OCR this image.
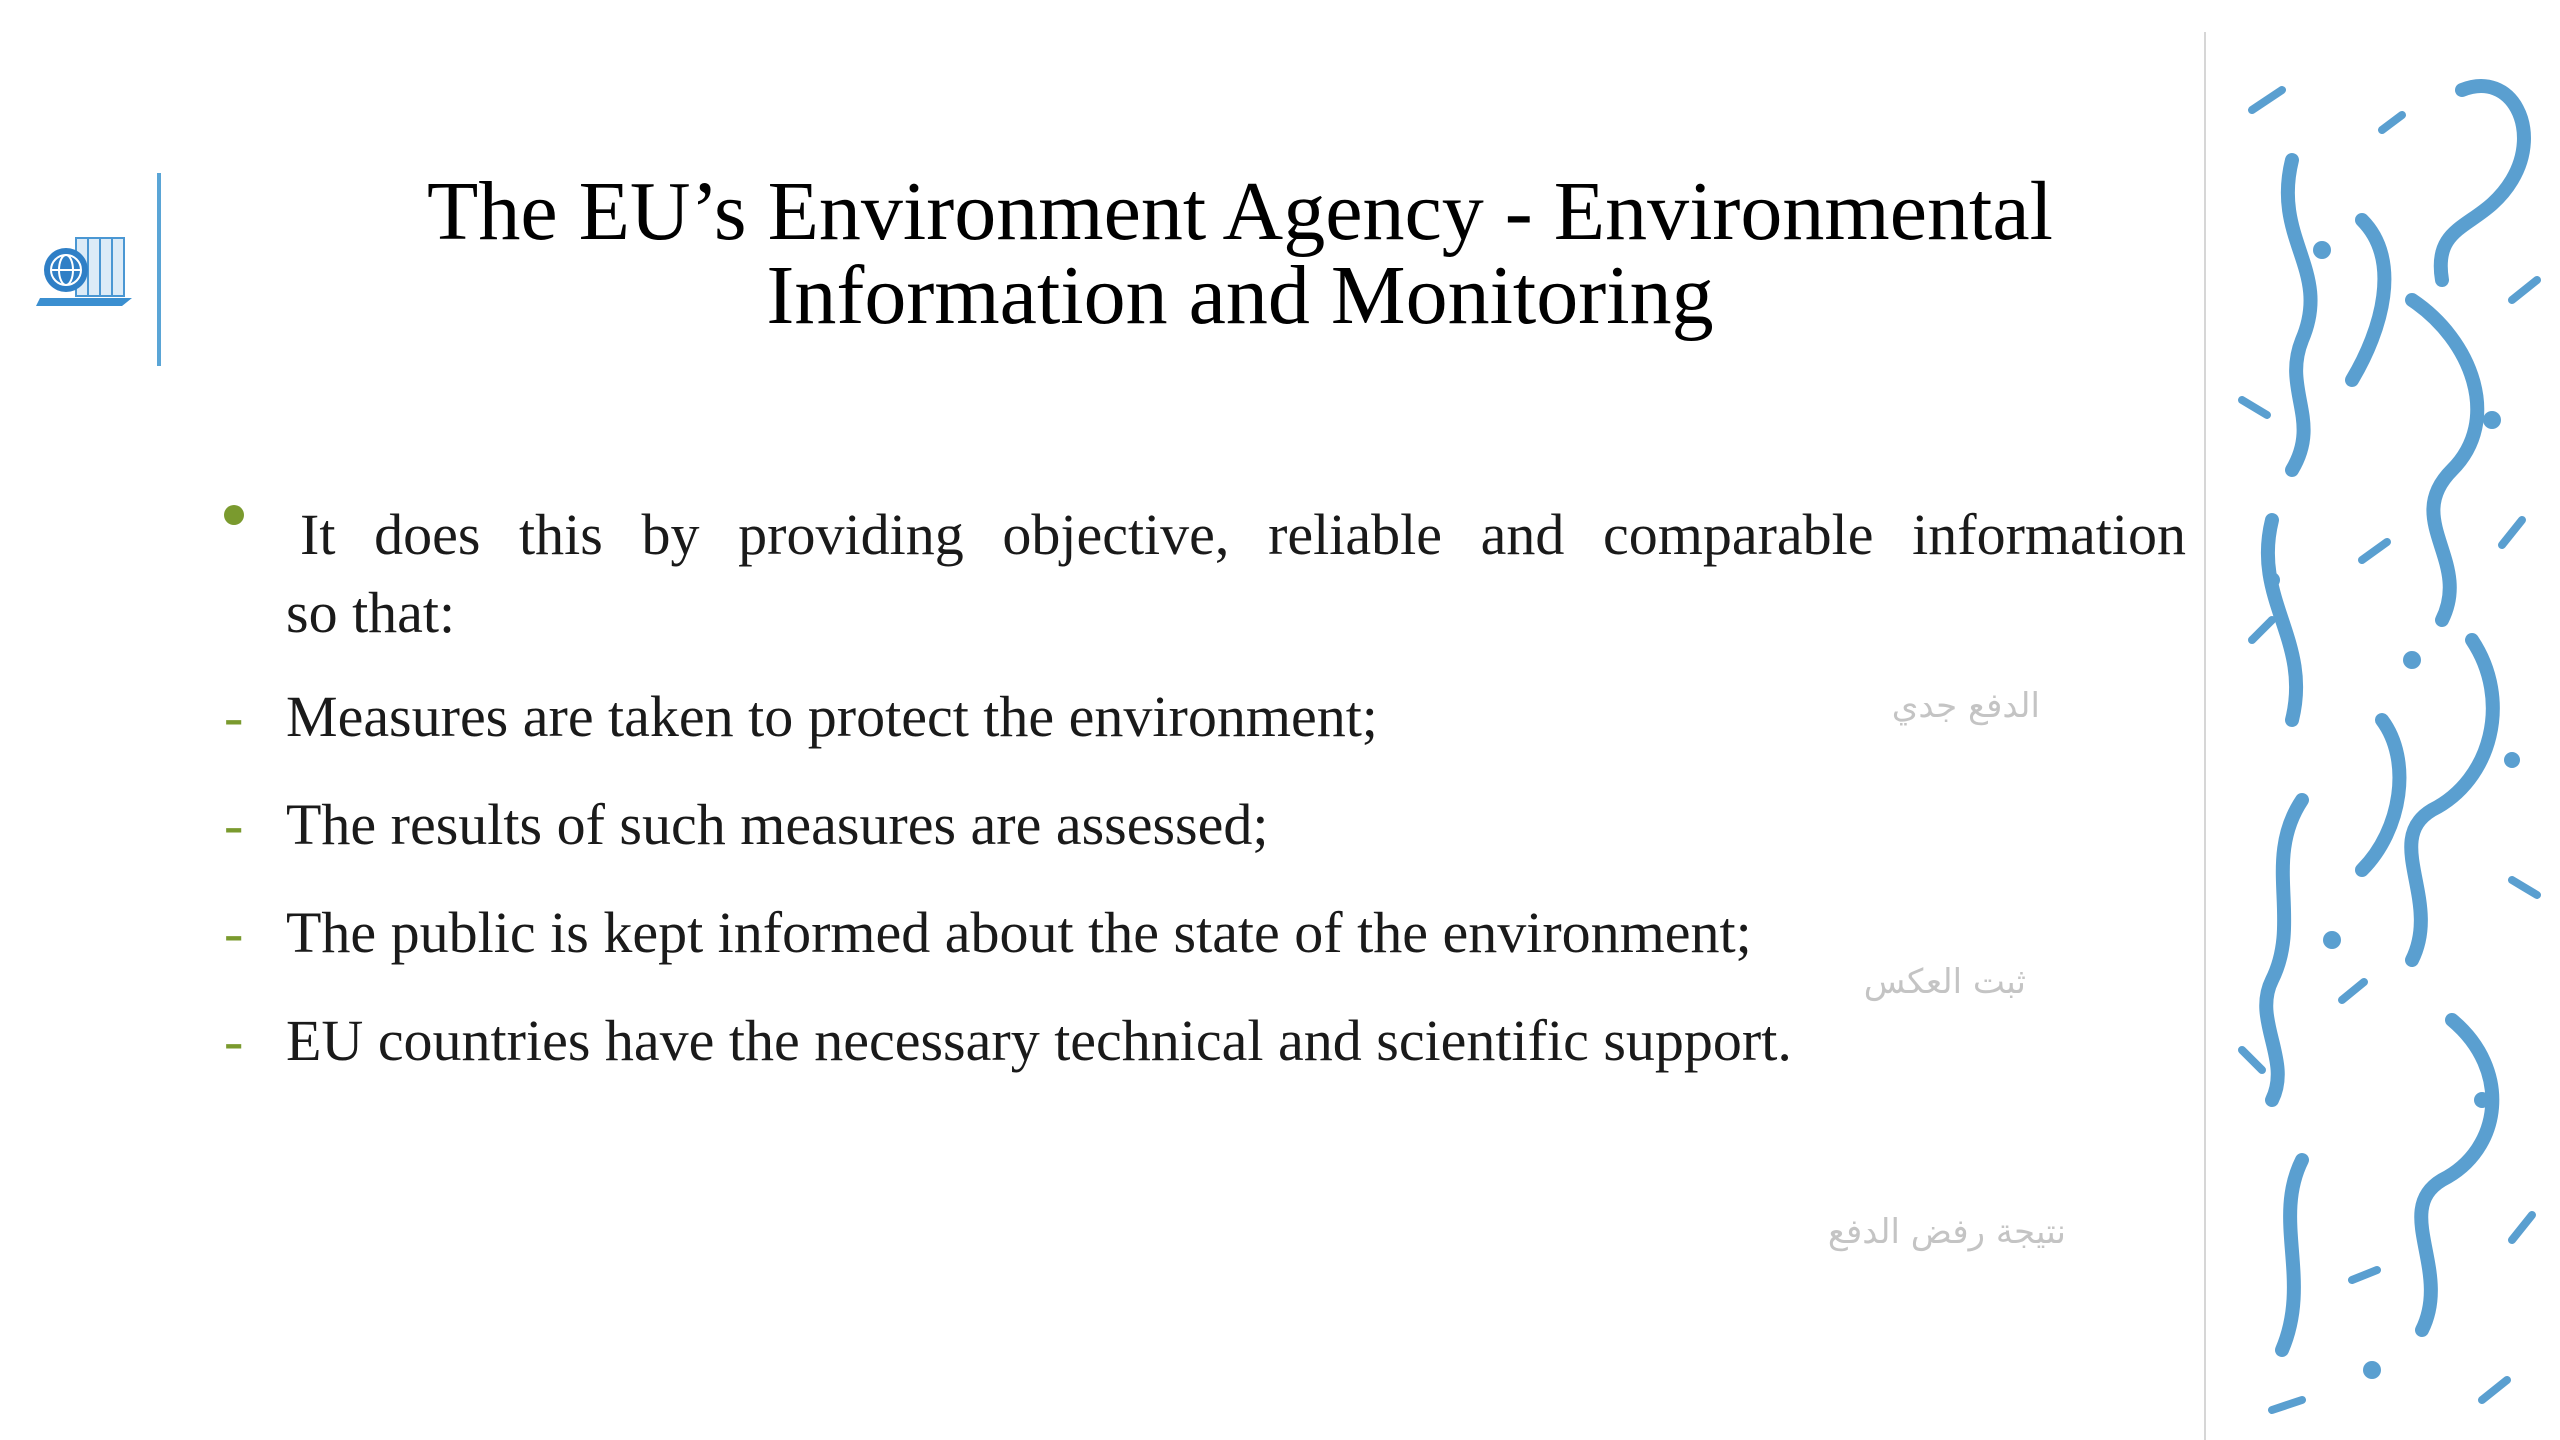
The EU’s Environment Agency - Environmental
Information and Monitoring

It does this by providing objective, reliable and comparable information
so that:

- Measures are taken to protect the environment;
- The results of such measures are assessed;
- The public is kept informed about the state of the environment;
- EU countries have the necessary technical and scientific support.
الدفع جدي
ثبت العكس
نتيجة رفض الدفع
